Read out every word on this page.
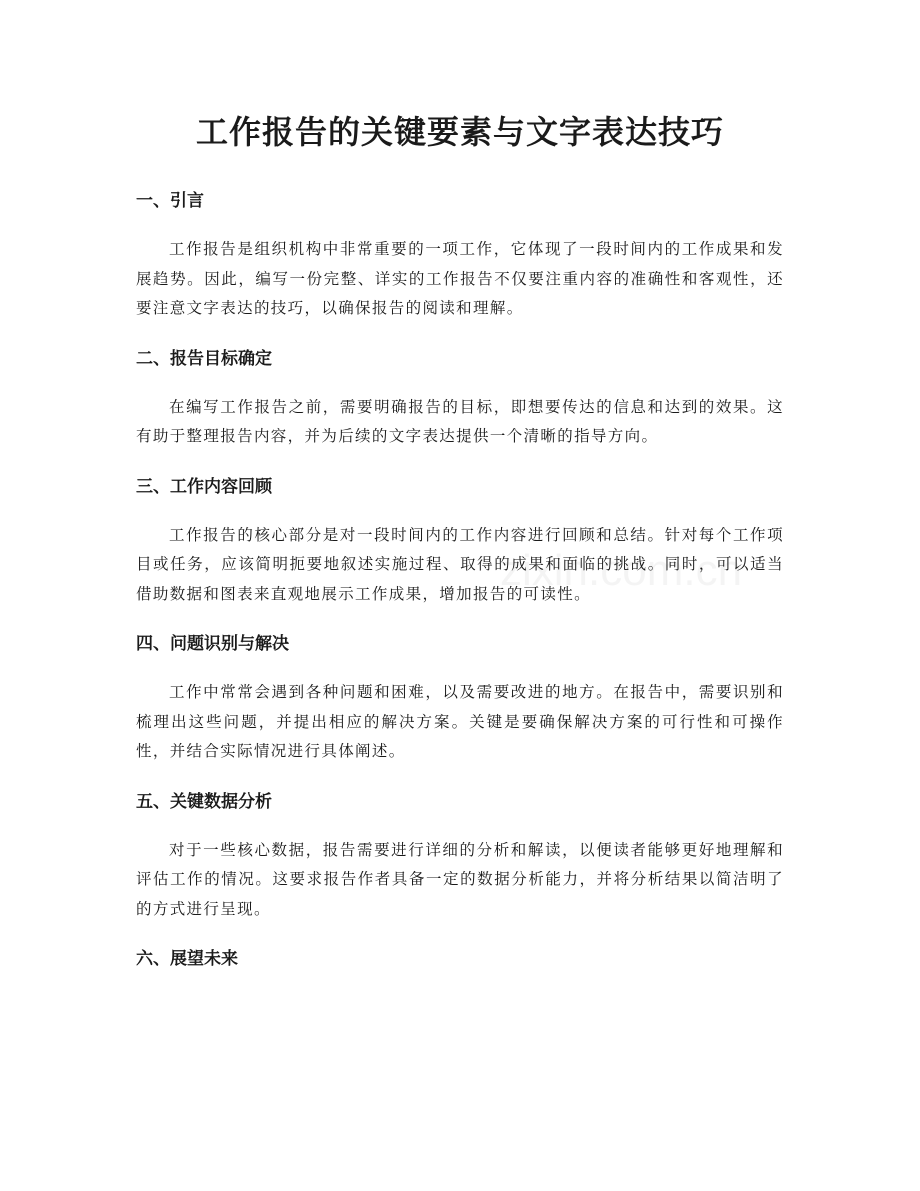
工作报告的关键要素与文字表达技巧
一、引言

工作报告是组织机构中非常重要的一项工作，它体现了一段时间内的工作成果和发展趋势。因此，编写一份完整、详实的工作报告不仅要注重内容的准确性和客观性，还要注意文字表达的技巧，以确保报告的阅读和理解。

二、报告目标确定

在编写工作报告之前，需要明确报告的目标，即想要传达的信息和达到的效果。这有助于整理报告内容，并为后续的文字表达提供一个清晰的指导方向。

三、工作内容回顾

工作报告的核心部分是对一段时间内的工作内容进行回顾和总结。针对每个工作项目或任务，应该简明扼要地叙述实施过程、取得的成果和面临的挑战。同时，可以适当借助数据和图表来直观地展示工作成果，增加报告的可读性。

四、问题识别与解决

工作中常常会遇到各种问题和困难，以及需要改进的地方。在报告中，需要识别和梳理出这些问题，并提出相应的解决方案。关键是要确保解决方案的可行性和可操作性，并结合实际情况进行具体阐述。

五、关键数据分析

对于一些核心数据，报告需要进行详细的分析和解读，以便读者能够更好地理解和评估工作的情况。这要求报告作者具备一定的数据分析能力，并将分析结果以简洁明了的方式进行呈现。

六、展望未来
